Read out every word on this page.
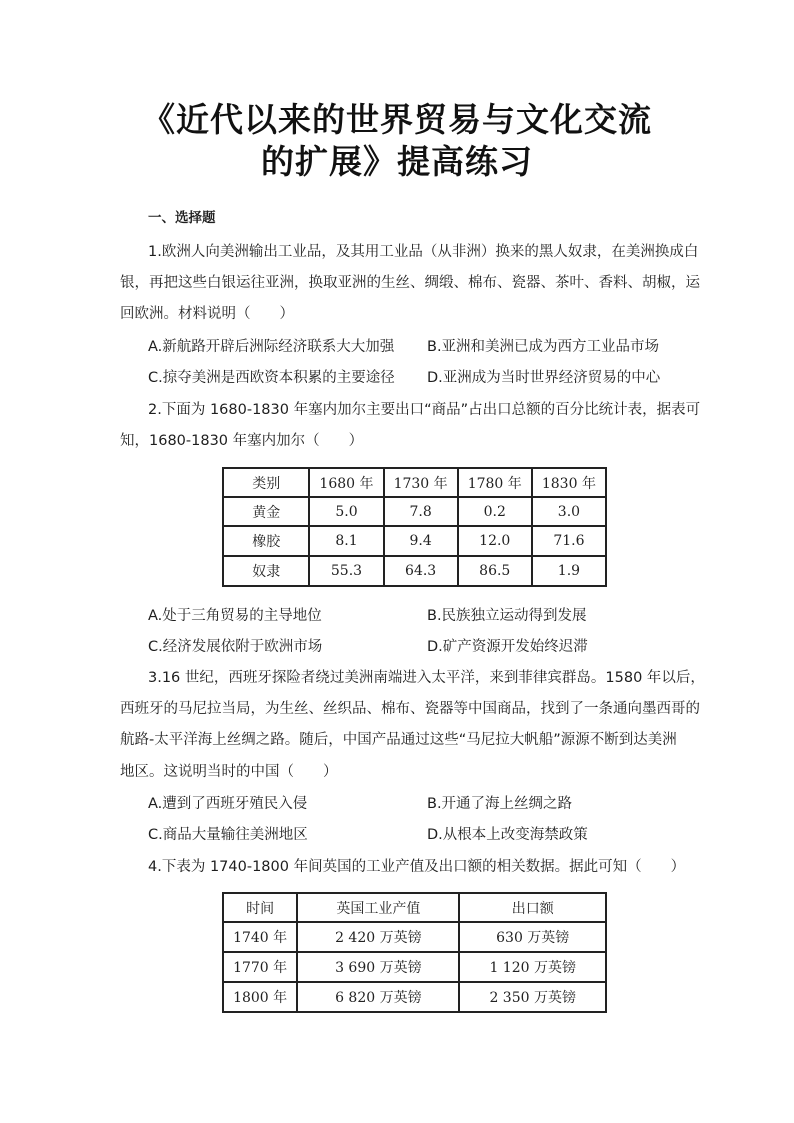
《近代以来的世界贸易与文化交流
的扩展》提高练习
一、选择题
1.欧洲人向美洲输出工业品，及其用工业品（从非洲）换来的黑人奴隶，在美洲换成白
银，再把这些白银运往亚洲，换取亚洲的生丝、绸缎、棉布、瓷器、茶叶、香料、胡椒，运
回欧洲。材料说明（　　）
A.新航路开辟后洲际经济联系大大加强 B.亚洲和美洲已成为西方工业品市场
C.掠夺美洲是西欧资本积累的主要途径 D.亚洲成为当时世界经济贸易的中心
2.下面为 1680-1830 年塞内加尔主要出口“商品”占出口总额的百分比统计表，据表可
知，1680-1830 年塞内加尔（　　）
类别	1680 年	1730 年	1780 年	1830 年
黄金	5.0	7.8	0.2	3.0
橡胶	8.1	9.4	12.0	71.6
奴隶	55.3	64.3	86.5	1.9
A.处于三角贸易的主导地位	B.民族独立运动得到发展
C.经济发展依附于欧洲市场	D.矿产资源开发始终迟滞
3.16 世纪，西班牙探险者绕过美洲南端进入太平洋，来到菲律宾群岛。1580 年以后，
西班牙的马尼拉当局，为生丝、丝织品、棉布、瓷器等中国商品，找到了一条通向墨西哥的
航路-太平洋海上丝绸之路。随后，中国产品通过这些“马尼拉大帆船”源源不断到达美洲
地区。这说明当时的中国（　　）
A.遭到了西班牙殖民入侵	B.开通了海上丝绸之路
C.商品大量输往美洲地区	D.从根本上改变海禁政策
4.下表为 1740-1800 年间英国的工业产值及出口额的相关数据。据此可知（　　）
时间	英国工业产值	出口额
1740 年	2 420 万英镑	630 万英镑
1770 年	3 690 万英镑	1 120 万英镑
1800 年	6 820 万英镑	2 350 万英镑
